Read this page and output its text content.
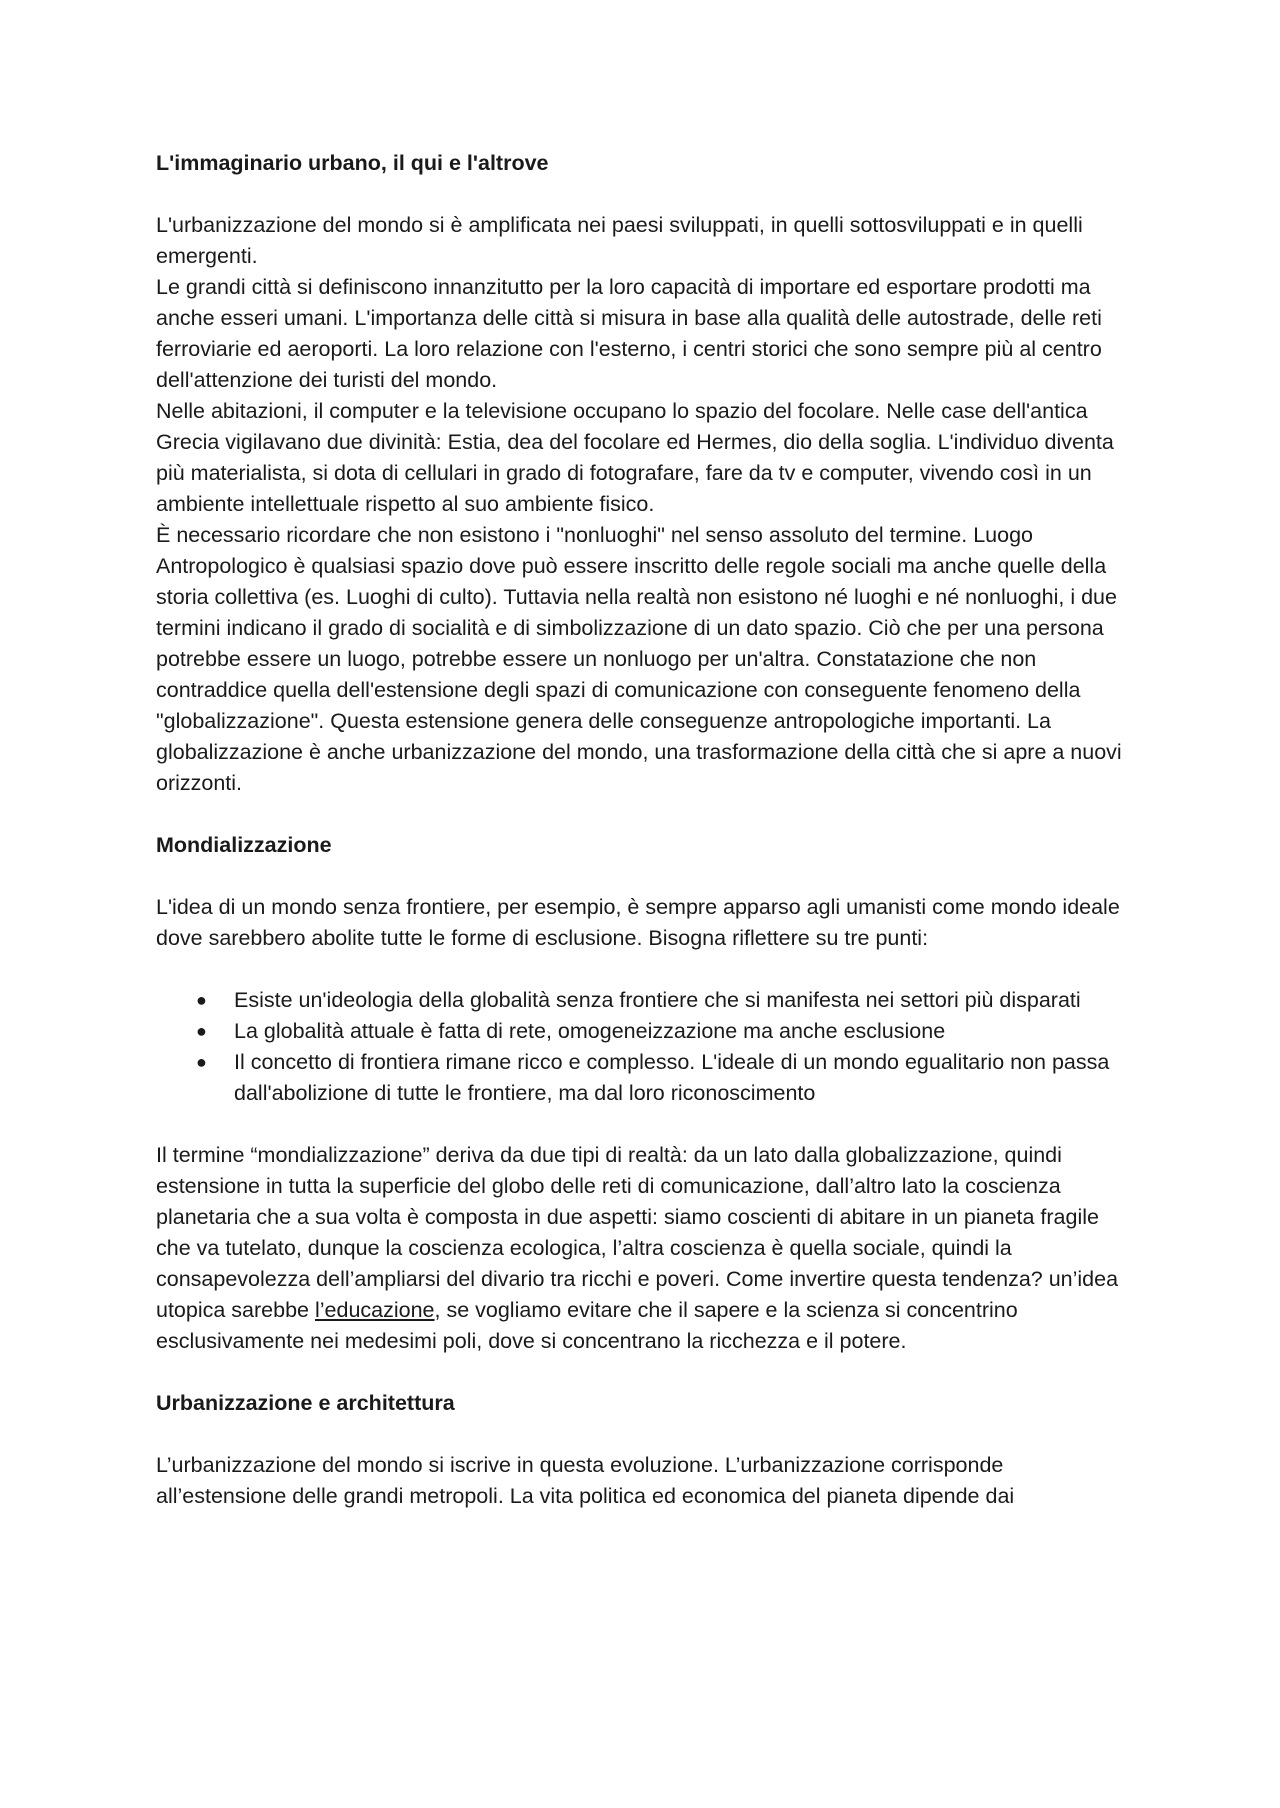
L'immaginario urbano, il qui e l'altrove

L'urbanizzazione del mondo si è amplificata nei paesi sviluppati, in quelli sottosviluppati e in quelli emergenti.

Le grandi città si definiscono innanzitutto per la loro capacità di importare ed esportare prodotti ma anche esseri umani. L'importanza delle città si misura in base alla qualità delle autostrade, delle reti ferroviarie ed aeroporti. La loro relazione con l'esterno, i centri storici che sono sempre più al centro dell'attenzione dei turisti del mondo.

Nelle abitazioni, il computer e la televisione occupano lo spazio del focolare. Nelle case dell'antica Grecia vigilavano due divinità: Estia, dea del focolare ed Hermes, dio della soglia. L'individuo diventa più materialista, si dota di cellulari in grado di fotografare, fare da tv e computer, vivendo così in un ambiente intellettuale rispetto al suo ambiente fisico.

È necessario ricordare che non esistono i "nonluoghi" nel senso assoluto del termine. Luogo Antropologico è qualsiasi spazio dove può essere inscritto delle regole sociali ma anche quelle della storia collettiva (es. Luoghi di culto). Tuttavia nella realtà non esistono né luoghi e né nonluoghi, i due termini indicano il grado di socialità e di simbolizzazione di un dato spazio. Ciò che per una persona potrebbe essere un luogo, potrebbe essere un nonluogo per un'altra. Constatazione che non contraddice quella dell'estensione degli spazi di comunicazione con conseguente fenomeno della "globalizzazione". Questa estensione genera delle conseguenze antropologiche importanti. La globalizzazione è anche urbanizzazione del mondo, una trasformazione della città che si apre a nuovi orizzonti.

Mondializzazione

L'idea di un mondo senza frontiere, per esempio, è sempre apparso agli umanisti come mondo ideale dove sarebbero abolite tutte le forme di esclusione. Bisogna riflettere su tre punti:

● Esiste un'ideologia della globalità senza frontiere che si manifesta nei settori più disparati
● La globalità attuale è fatta di rete, omogeneizzazione ma anche esclusione
● Il concetto di frontiera rimane ricco e complesso. L'ideale di un mondo egualitario non passa dall'abolizione di tutte le frontiere, ma dal loro riconoscimento

Il termine “mondializzazione” deriva da due tipi di realtà: da un lato dalla globalizzazione, quindi estensione in tutta la superficie del globo delle reti di comunicazione, dall’altro lato la coscienza planetaria che a sua volta è composta in due aspetti: siamo coscienti di abitare in un pianeta fragile che va tutelato, dunque la coscienza ecologica, l’altra coscienza è quella sociale, quindi la consapevolezza dell’ampliarsi del divario tra ricchi e poveri. Come invertire questa tendenza? un’idea utopica sarebbe l’educazione, se vogliamo evitare che il sapere e la scienza si concentrino esclusivamente nei medesimi poli, dove si concentrano la ricchezza e il potere.

Urbanizzazione e architettura

L’urbanizzazione del mondo si iscrive in questa evoluzione. L’urbanizzazione corrisponde all’estensione delle grandi metropoli. La vita politica ed economica del pianeta dipende dai
